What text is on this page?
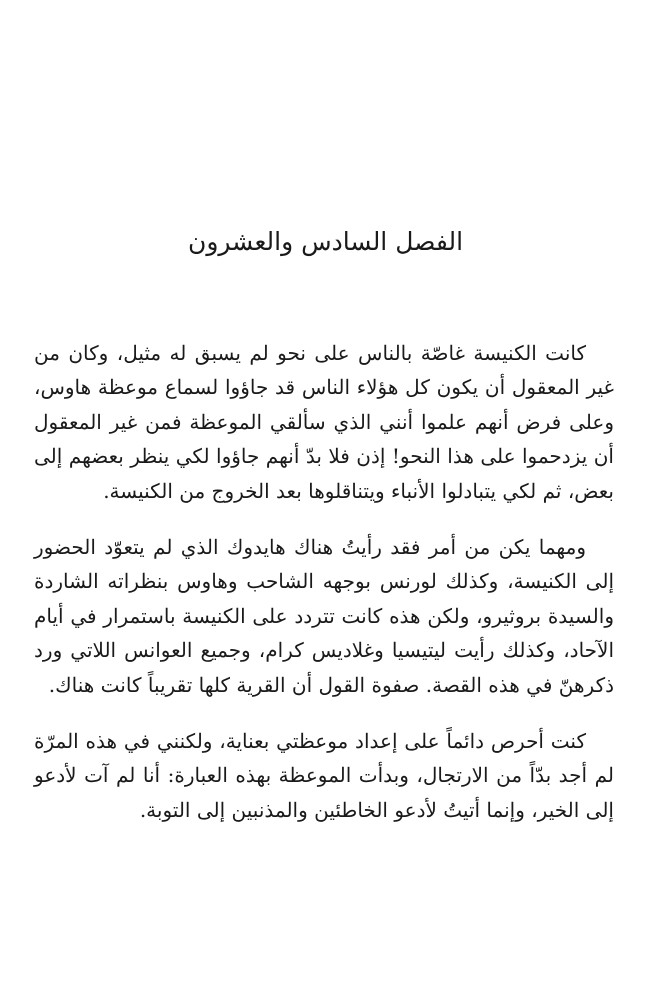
الفصل السادس والعشرون

كانت الكنيسة غاصّة بالناس على نحو لم يسبق له مثيل، وكان من غير المعقول أن يكون كل هؤلاء الناس قد جاؤوا لسماع موعظة هاوس، وعلى فرض أنهم علموا أنني الذي سألقي الموعظة فمن غير المعقول أن يزدحموا على هذا النحو! إذن فلا بدّ أنهم جاؤوا لكي ينظر بعضهم إلى بعض، ثم لكي يتبادلوا الأنباء ويتناقلوها بعد الخروج من الكنيسة.

ومهما يكن من أمر فقد رأيتُ هناك هايدوك الذي لم يتعوّد الحضور إلى الكنيسة، وكذلك لورنس بوجهه الشاحب وهاوس بنظراته الشاردة والسيدة بروثيرو، ولكن هذه كانت تتردد على الكنيسة باستمرار في أيام الآحاد، وكذلك رأيت ليتيسيا وغلاديس كرام، وجميع العوانس اللاتي ورد ذكرهنّ في هذه القصة. صفوة القول أن القرية كلها تقريباً كانت هناك.

كنت أحرص دائماً على إعداد موعظتي بعناية، ولكنني في هذه المرّة لم أجد بدّاً من الارتجال، وبدأت الموعظة بهذه العبارة: أنا لم آت لأدعو إلى الخير، وإنما أتيتُ لأدعو الخاطئين والمذنبين إلى التوبة.
